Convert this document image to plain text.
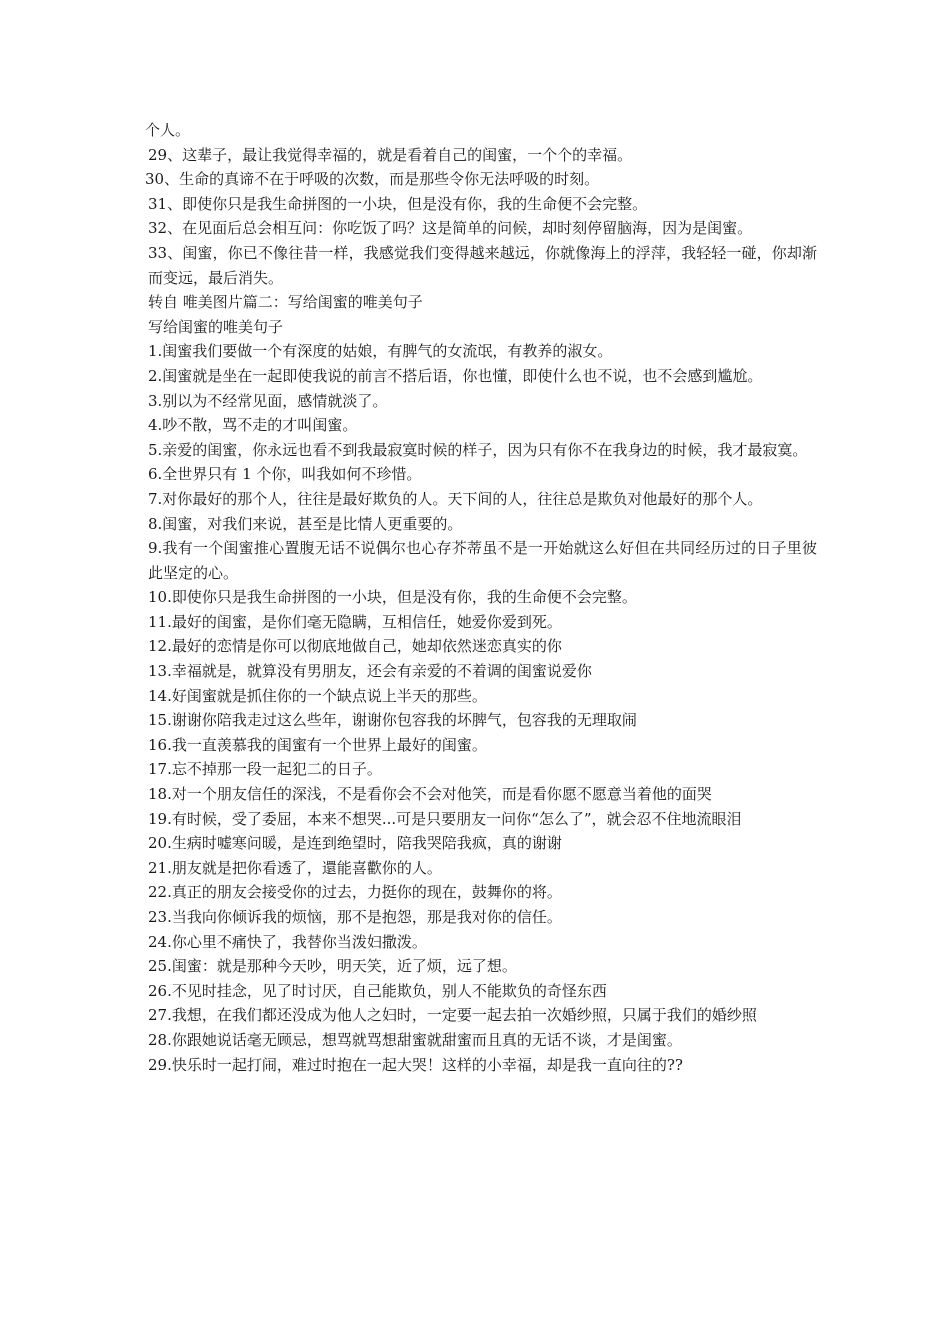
个人。

29、这辈子，最让我觉得幸福的，就是看着自己的闺蜜，一个个的幸福。

30、生命的真谛不在于呼吸的次数，而是那些令你无法呼吸的时刻。

31、即使你只是我生命拼图的一小块，但是没有你，我的生命便不会完整。

32、在见面后总会相互问：你吃饭了吗？这是简单的问候，却时刻停留脑海，因为是闺蜜。

33、闺蜜，你已不像往昔一样，我感觉我们变得越来越远，你就像海上的浮萍，我轻轻一碰，你却渐而变远，最后消失。

转自 唯美图片篇二：写给闺蜜的唯美句子

写给闺蜜的唯美句子

1.闺蜜我们要做一个有深度的姑娘，有脾气的女流氓，有教养的淑女。

2.闺蜜就是坐在一起即使我说的前言不搭后语，你也懂，即使什么也不说，也不会感到尴尬。

3.别以为不经常见面，感情就淡了。

4.吵不散，骂不走的才叫闺蜜。

5.亲爱的闺蜜，你永远也看不到我最寂寞时候的样子，因为只有你不在我身边的时候，我才最寂寞。

6.全世界只有 1 个你，叫我如何不珍惜。

7.对你最好的那个人，往往是最好欺负的人。天下间的人，往往总是欺负对他最好的那个人。

8.闺蜜，对我们来说，甚至是比情人更重要的。

9.我有一个闺蜜推心置腹无话不说偶尔也心存芥蒂虽不是一开始就这么好但在共同经历过的日子里彼此坚定的心。

10.即使你只是我生命拼图的一小块，但是没有你，我的生命便不会完整。

11.最好的闺蜜，是你们毫无隐瞒，互相信任，她爱你爱到死。

12.最好的恋情是你可以彻底地做自己，她却依然迷恋真实的你

13.幸福就是，就算没有男朋友，还会有亲爱的不着调的闺蜜说爱你

14.好闺蜜就是抓住你的一个缺点说上半天的那些。

15.谢谢你陪我走过这么些年，谢谢你包容我的坏脾气，包容我的无理取闹

16.我一直羡慕我的闺蜜有一个世界上最好的闺蜜。

17.忘不掉那一段一起犯二的日子。

18.对一个朋友信任的深浅，不是看你会不会对他笑，而是看你愿不愿意当着他的面哭

19.有时候，受了委屈，本来不想哭...可是只要朋友一问你“怎么了”，就会忍不住地流眼泪

20.生病时嘘寒问暖，是连到绝望时，陪我哭陪我疯，真的谢谢

21.朋友就是把你看透了，還能喜歡你的人。

22.真正的朋友会接受你的过去，力挺你的现在，鼓舞你的将。

23.当我向你倾诉我的烦恼，那不是抱怨，那是我对你的信任。

24.你心里不痛快了，我替你当泼妇撒泼。

25.闺蜜：就是那种今天吵，明天笑，近了烦，远了想。

26.不见时挂念，见了时讨厌，自己能欺负，别人不能欺负的奇怪东西

27.我想，在我们都还没成为他人之妇时，一定要一起去拍一次婚纱照，只属于我们的婚纱照

28.你跟她说话毫无顾忌，想骂就骂想甜蜜就甜蜜而且真的无话不谈，才是闺蜜。

29.快乐时一起打闹，难过时抱在一起大哭！这样的小幸福，却是我一直向往的??
